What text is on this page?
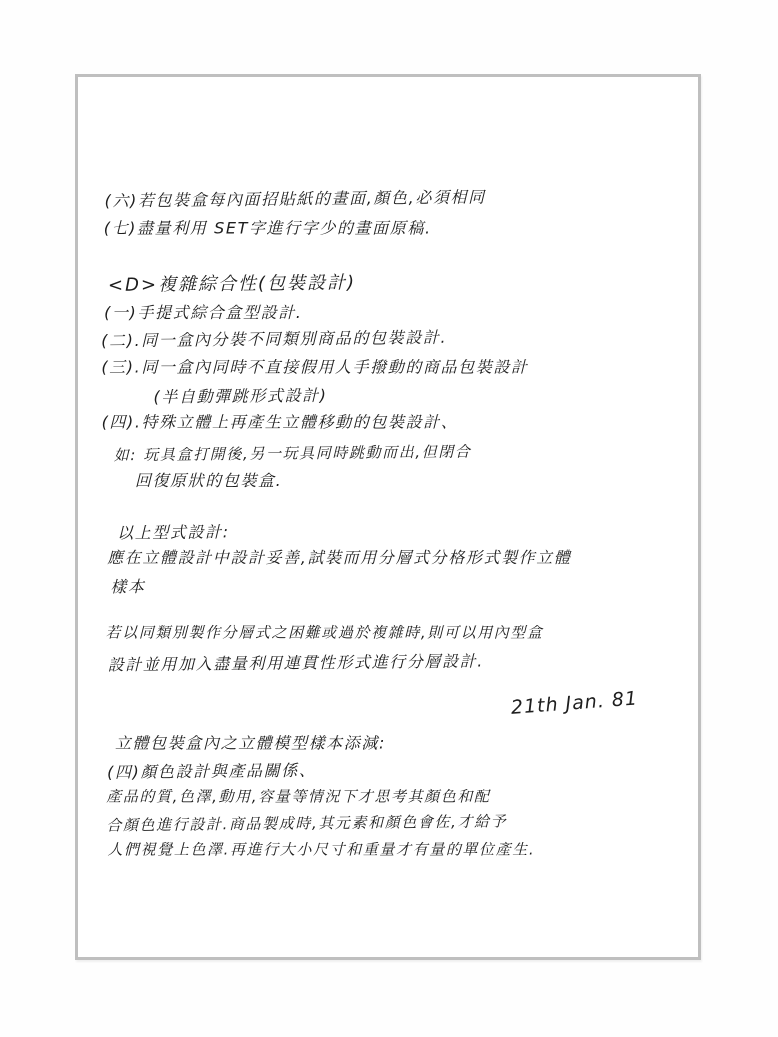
(六)若包裝盒每內面招貼紙的畫面,顏色,必須相同
(七)盡量利用 SET字進行字少的畫面原稿.
<D>複雜綜合性(包裝設計)
(一)手提式綜合盒型設計.
(二).同一盒內分裝不同類別商品的包裝設計.
(三).同一盒內同時不直接假用人手撥動的商品包裝設計
(半自動彈跳形式設計)
(四).特殊立體上再產生立體移動的包裝設計、
如: 玩具盒打開後,另一玩具同時跳動而出,但閉合
回復原狀的包裝盒.
以上型式設計:
應在立體設計中設計妥善,試裝而用分層式分格形式製作立體
樣本
若以同類別製作分層式之困難或過於複雜時,則可以用內型盒
設計並用加入盡量利用連貫性形式進行分層設計.
21th Jan. 81
立體包裝盒內之立體模型樣本添減:
(四)顏色設計與產品關係、
產品的質,色澤,動用,容量等情況下才思考其顏色和配
合顏色進行設計.商品製成時,其元素和顏色會佐,才給予
人們視覺上色澤.再進行大小尺寸和重量才有量的單位產生.
